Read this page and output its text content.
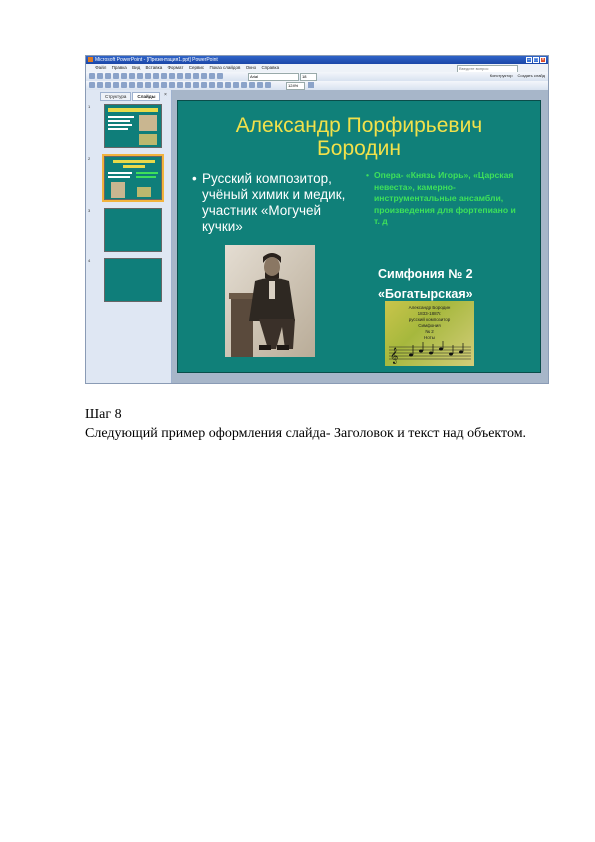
Microsoft PowerPoint - [Презентация1.ppt] PowerPoint	– □ ×
Файл Правка Вид Вставка Формат Сервис Показ слайдов Окно Справка	Введите вопрос
Arial	18	Конструктор Создать слайд
124%
Структура	Слайды	×
1
2
3
4
Александр Порфирьевич
Бородин
• Русский композитор, учёный химик и медик, участник «Могучей кучки»
• Опера- «Князь Игорь», «Царская невеста», камерно-инструментальные ансамбли, произведения для фортепиано и т. д
Симфония № 2
«Богатырская»
Александр Бородин
1833-1887г.
русский композитор
Симфония
№ 2
Ноты
𝄞
Шаг 8
Следующий пример оформления слайда- Заголовок и текст над объектом.
